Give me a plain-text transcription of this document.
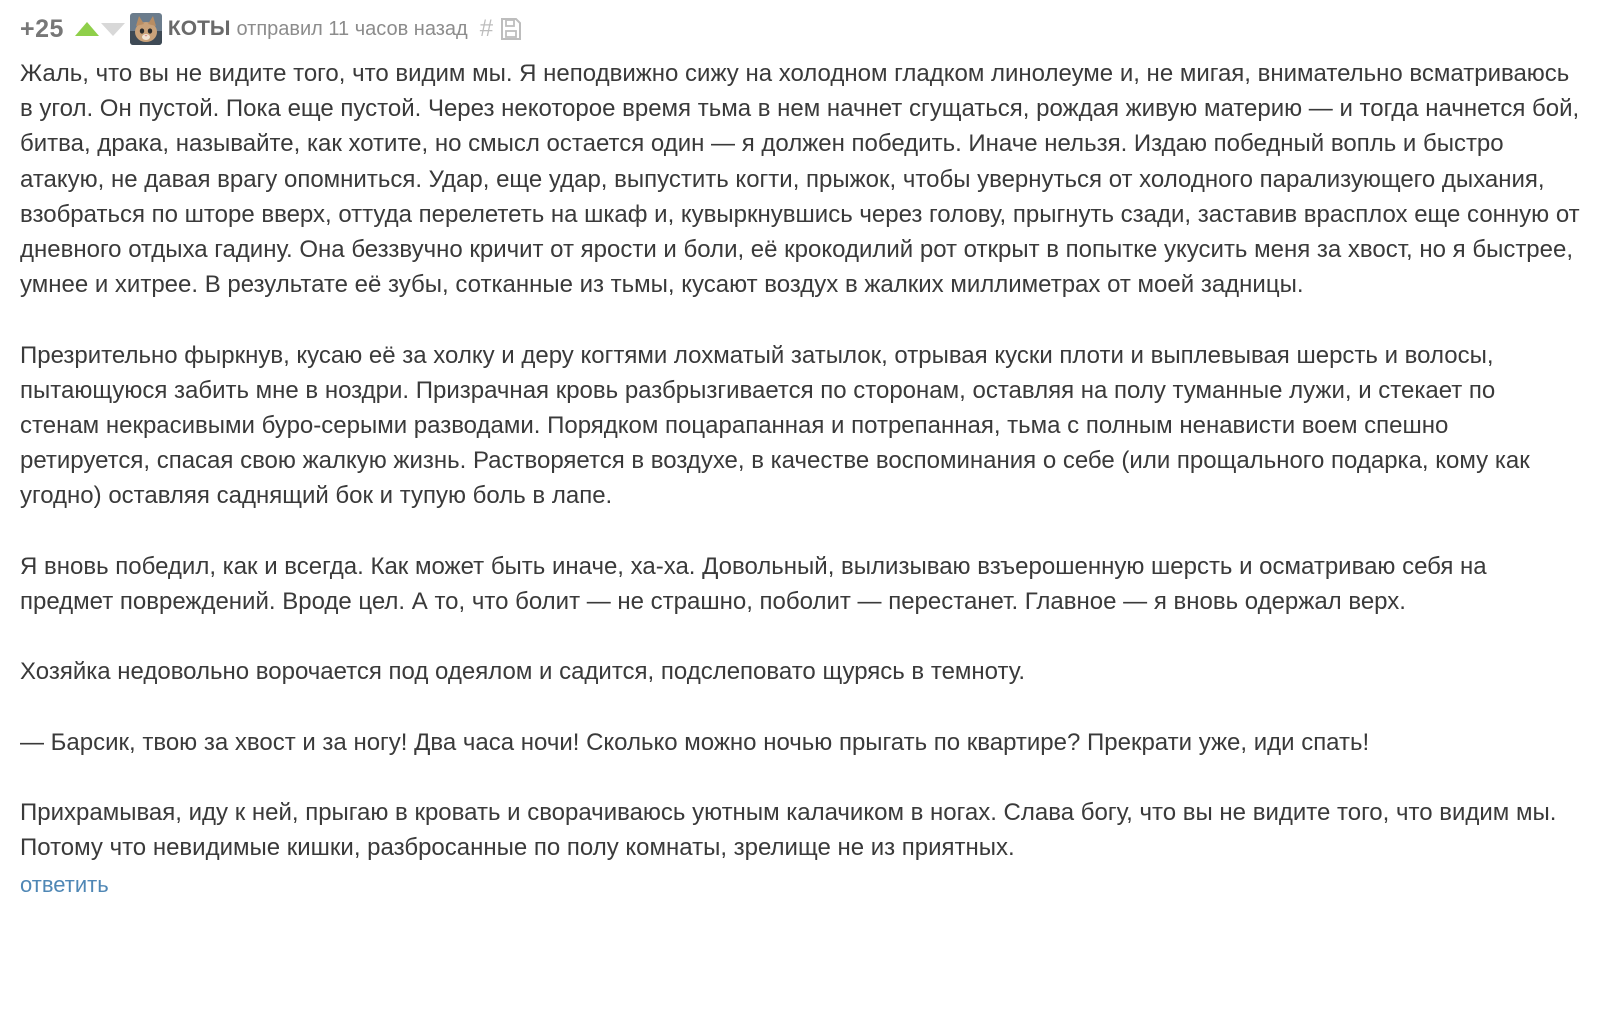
+25	КОТЫ отправил 11 часов назад #

Жаль, что вы не видите того, что видим мы. Я неподвижно сижу на холодном гладком линолеуме и, не мигая, внимательно всматриваюсь в угол. Он пустой. Пока еще пустой. Через некоторое время тьма в нем начнет сгущаться, рождая живую материю — и тогда начнется бой, битва, драка, называйте, как хотите, но смысл остается один — я должен победить. Иначе нельзя. Издаю победный вопль и быстро атакую, не давая врагу опомниться. Удар, еще удар, выпустить когти, прыжок, чтобы увернуться от холодного парализующего дыхания, взобраться по шторе вверх, оттуда перелететь на шкаф и, кувыркнувшись через голову, прыгнуть сзади, заставив врасплох еще сонную от дневного отдыха гадину. Она беззвучно кричит от ярости и боли, её крокодилий рот открыт в попытке укусить меня за хвост, но я быстрее, умнее и хитрее. В результате её зубы, сотканные из тьмы, кусают воздух в жалких миллиметрах от моей задницы.

Презрительно фыркнув, кусаю её за холку и деру когтями лохматый затылок, отрывая куски плоти и выплевывая шерсть и волосы, пытающуюся забить мне в ноздри. Призрачная кровь разбрызгивается по сторонам, оставляя на полу туманные лужи, и стекает по стенам некрасивыми буро-серыми разводами. Порядком поцарапанная и потрепанная, тьма с полным ненависти воем спешно ретируется, спасая свою жалкую жизнь. Растворяется в воздухе, в качестве воспоминания о себе (или прощального подарка, кому как угодно) оставляя саднящий бок и тупую боль в лапе.

Я вновь победил, как и всегда. Как может быть иначе, ха-ха. Довольный, вылизываю взъерошенную шерсть и осматриваю себя на предмет повреждений. Вроде цел. А то, что болит — не страшно, поболит — перестанет. Главное — я вновь одержал верх.

Хозяйка недовольно ворочается под одеялом и садится, подслеповато щурясь в темноту.

— Барсик, твою за хвост и за ногу! Два часа ночи! Сколько можно ночью прыгать по квартире? Прекрати уже, иди спать!

Прихрамывая, иду к ней, прыгаю в кровать и сворачиваюсь уютным калачиком в ногах. Слава богу, что вы не видите того, что видим мы. Потому что невидимые кишки, разбросанные по полу комнаты, зрелище не из приятных.

ответить
